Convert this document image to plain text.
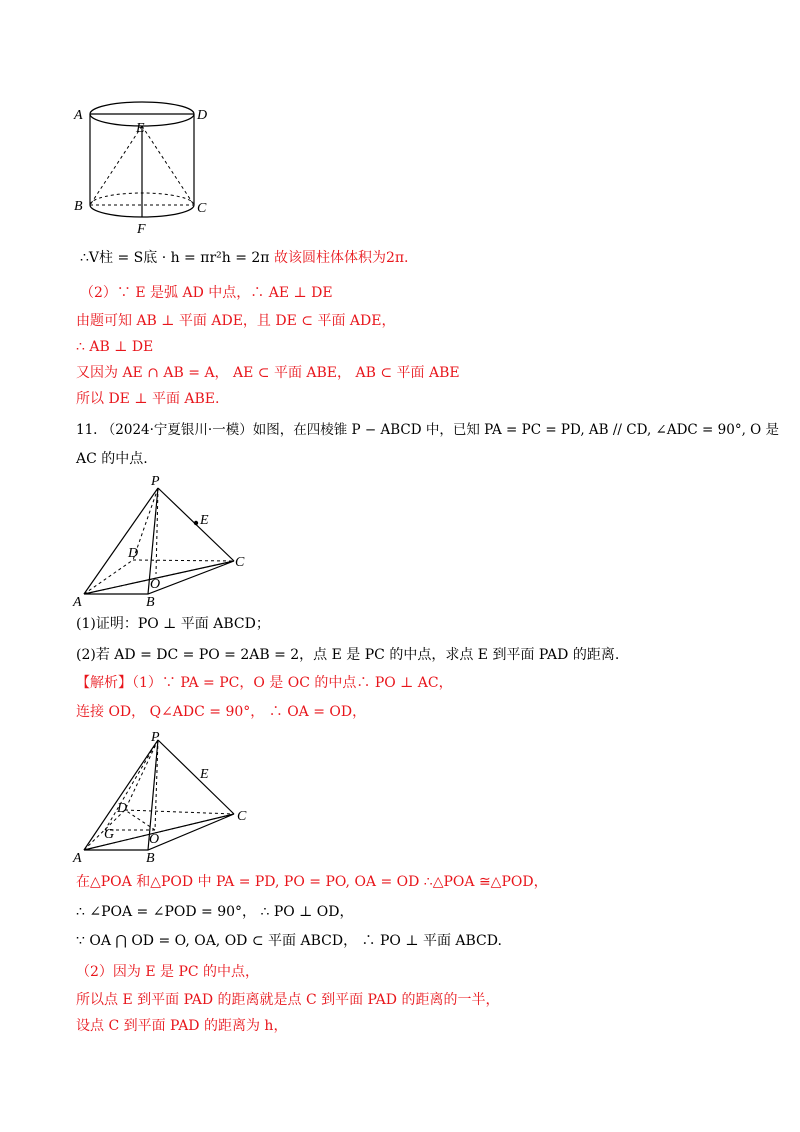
A	D
E
B	C
F
∴V柱 = S底 · h = πr²h = 2π 故该圆柱体体积为2π.
（2）∵ E 是弧 AD 中点，∴ AE ⊥ DE
由题可知 AB ⊥ 平面 ADE，且 DE ⊂ 平面 ADE，
∴ AB ⊥ DE
又因为 AE ∩ AB = A， AE ⊂ 平面 ABE， AB ⊂ 平面 ABE
所以 DE ⊥ 平面 ABE.
11. （2024·宁夏银川·一模）如图，在四棱锥 P − ABCD 中，已知 PA = PC = PD, AB // CD, ∠ADC = 90°, O 是
AC 的中点.
P
E
D
C
O
A	B
(1)证明：PO ⊥ 平面 ABCD；
(2)若 AD = DC = PO = 2AB = 2，点 E 是 PC 的中点，求点 E 到平面 PAD 的距离.
【解析】（1）∵ PA = PC，O 是 OC 的中点∴ PO ⊥ AC，
连接 OD， Q∠ADC = 90°， ∴ OA = OD，
P
E
D
G
C
O
A	B
在△POA 和△POD 中 PA = PD, PO = PO, OA = OD ∴△POA ≅△POD，
∴ ∠POA = ∠POD = 90°， ∴ PO ⊥ OD，
∵ OA ⋂ OD = O, OA, OD ⊂ 平面 ABCD， ∴ PO ⊥ 平面 ABCD.
（2）因为 E 是 PC 的中点，
所以点 E 到平面 PAD 的距离就是点 C 到平面 PAD 的距离的一半，
设点 C 到平面 PAD 的距离为 h，
